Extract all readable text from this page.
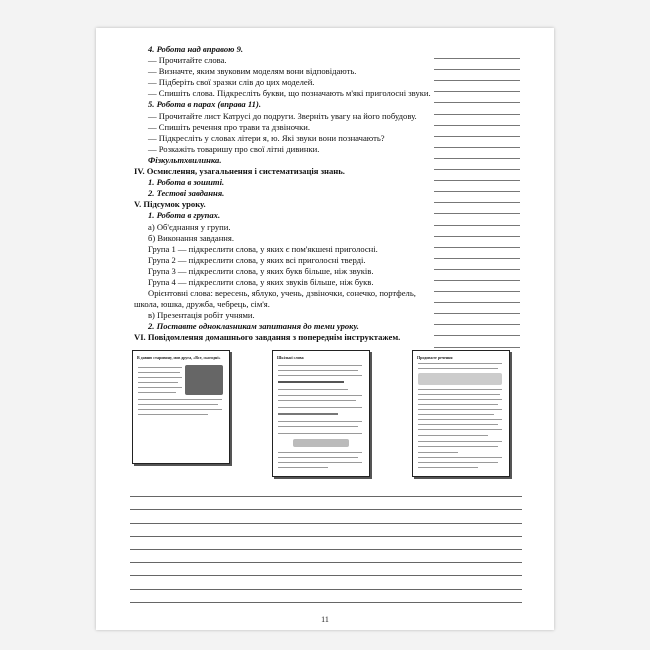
4. Робота над вправою 9.
— Прочитайте слова.
— Визначте, яким звуковим моделям вони відповідають.
— Підберіть свої зразки слів до цих моделей.
— Спишіть слова. Підкресліть букви, що позначають м'які приголосні звуки.
5. Робота в парах (вправа 11).
— Прочитайте лист Катрусі до подруги. Зверніть увагу на його побудову.
— Спишіть речення про трави та дзвіночки.
— Підкресліть у словах літери я, ю. Які звуки вони позначають?
— Розкажіть товаришу про свої літні дивинки.
Фізкультхвилинка.
IV. Осмислення, узагальнення і систематизація знань.
1. Робота в зошиті.
2. Тестові завдання.
V. Підсумок уроку.
1. Робота в групах.
а) Об'єднання у групи.
б) Виконання завдання.
Група 1 — підкреслити слова, у яких є пом'якшені приголосні.
Група 2 — підкреслити слова, у яких всі приголосні тверді.
Група 3 — підкреслити слова, у яких букв більше, ніж звуків.
Група 4 — підкреслити слова, у яких звуків більше, ніж букв.
Орієнтовні слова: вересень, яблуко, учень, дзвіночки, сонечко, портфель,
школа, юшка, дружба, чебрець, сім'я.
в) Презентація робіт учнями.
2. Поставте одноклasникам запитання до теми уроку.
VI. Повідомлення домашнього завдання з попереднім інструктажем.
В давню старовину, мов друга, «Все, сьогодні»	Шкільні слова	Продовжте речення
11
